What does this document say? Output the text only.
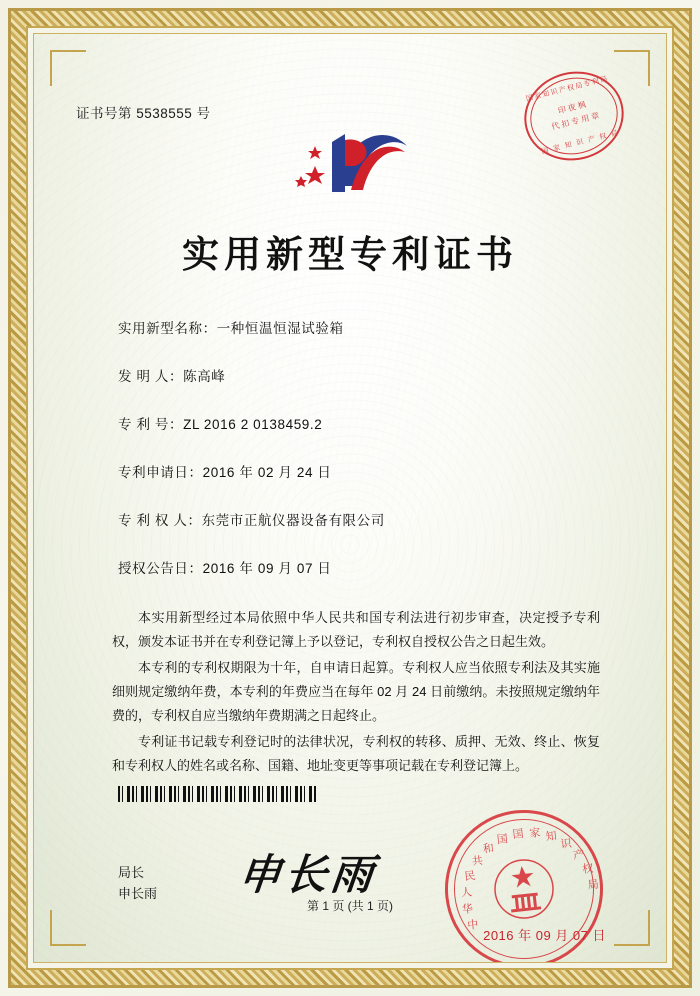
证书号第 5538555 号
国家知识产权局专利局
印 夜 枫
代 扣 专 用 章
国 家 知 识 产 权 局
实用新型专利证书
实用新型名称：一种恒温恒湿试验箱
发 明 人：陈高峰
专 利 号：ZL 2016 2 0138459.2
专利申请日：2016 年 02 月 24 日
专 利 权 人：东莞市正航仪器设备有限公司
授权公告日：2016 年 09 月 07 日

本实用新型经过本局依照中华人民共和国专利法进行初步审查，决定授予专利权，颁发本证书并在专利登记簿上予以登记，专利权自授权公告之日起生效。

本专利的专利权期限为十年，自申请日起算。专利权人应当依照专利法及其实施细则规定缴纳年费，本专利的年费应当在每年 02 月 24 日前缴纳。未按照规定缴纳年费的，专利权自应当缴纳年费期满之日起终止。

专利证书记载专利登记时的法律状况，专利权的转移、质押、无效、终止、恢复和专利权人的姓名或名称、国籍、地址变更等事项记载在专利登记簿上。

局长
申长雨 申长雨
中
华
人
民
共
和
国 国 家 知
识
产
权
局
2016 年 09 月 07 日
第 1 页 (共 1 页)
